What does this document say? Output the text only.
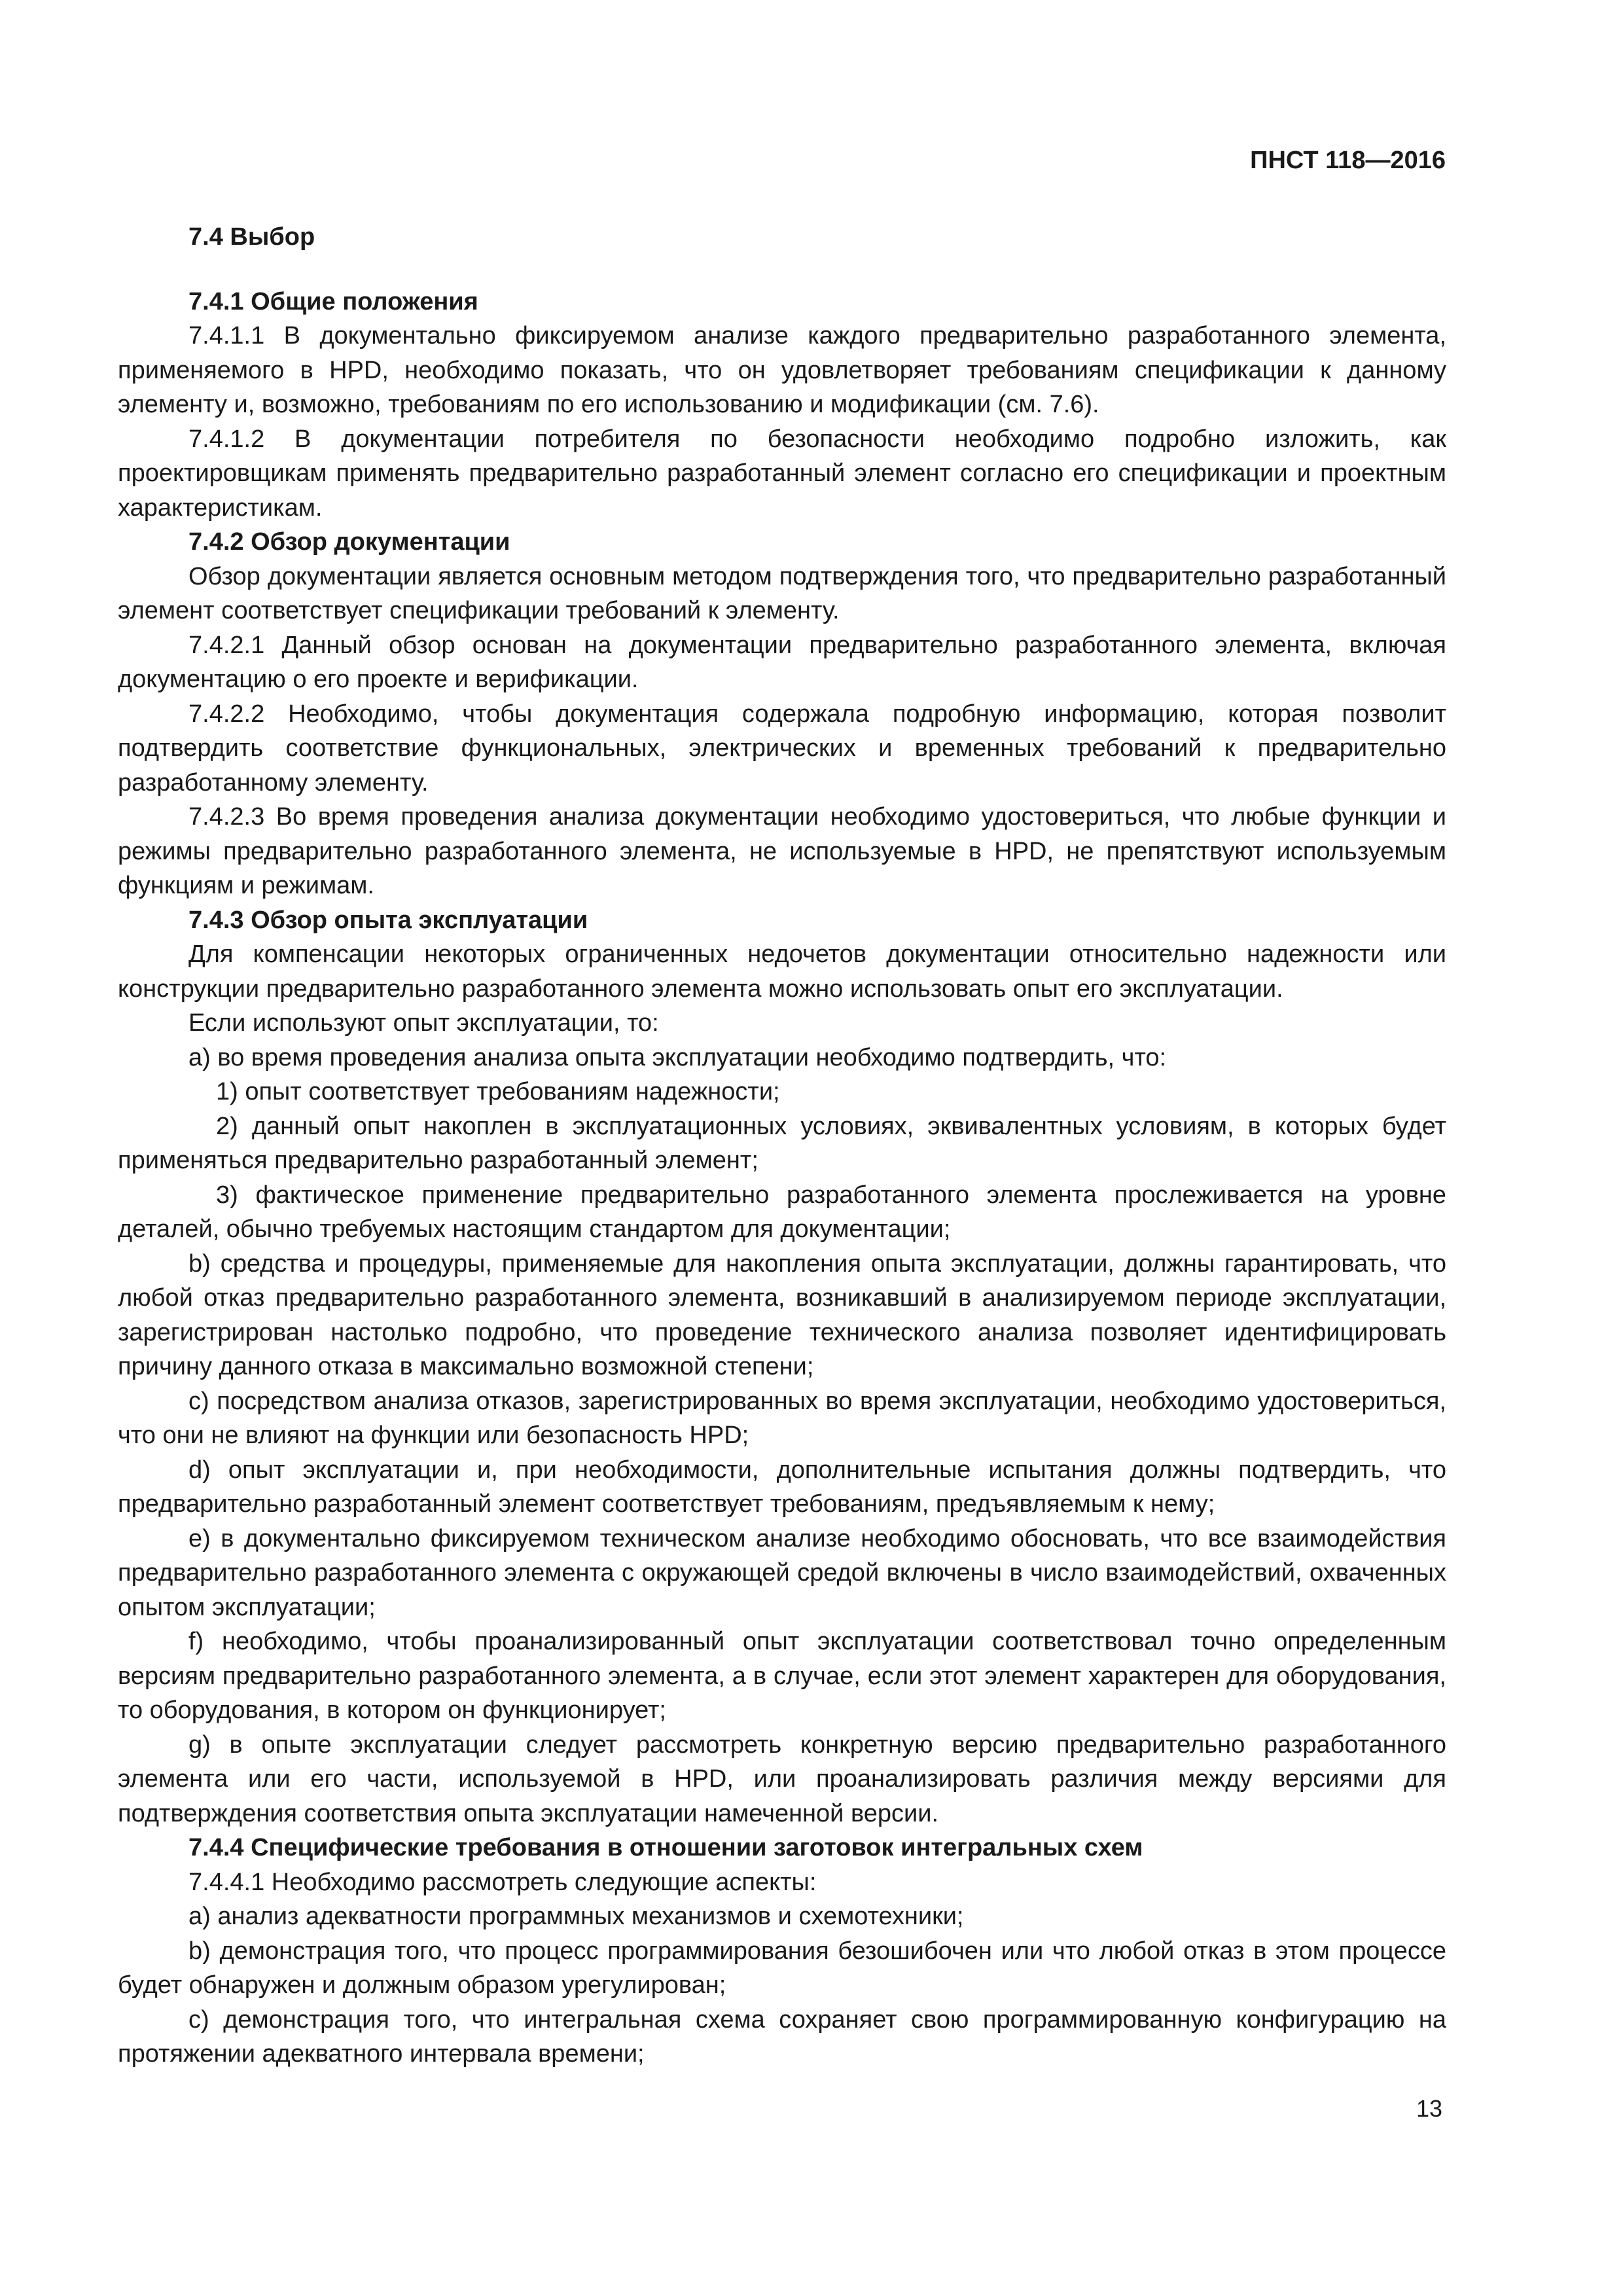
ПНСТ 118—2016

7.4 Выбор

7.4.1 Общие положения

7.4.1.1 В документально фиксируемом анализе каждого предварительно разработанного элемента, применяемого в HPD, необходимо показать, что он удовлетворяет требованиям спецификации к данному элементу и, возможно, требованиям по его использованию и модификации (см. 7.6).

7.4.1.2 В документации потребителя по безопасности необходимо подробно изложить, как проектировщикам применять предварительно разработанный элемент согласно его спецификации и проектным характеристикам.

7.4.2 Обзор документации

Обзор документации является основным методом подтверждения того, что предварительно разработанный элемент соответствует спецификации требований к элементу.

7.4.2.1 Данный обзор основан на документации предварительно разработанного элемента, включая документацию о его проекте и верификации.

7.4.2.2 Необходимо, чтобы документация содержала подробную информацию, которая позволит подтвердить соответствие функциональных, электрических и временных требований к предварительно разработанному элементу.

7.4.2.3 Во время проведения анализа документации необходимо удостовериться, что любые функции и режимы предварительно разработанного элемента, не используемые в HPD, не препятствуют используемым функциям и режимам.

7.4.3 Обзор опыта эксплуатации

Для компенсации некоторых ограниченных недочетов документации относительно надежности или конструкции предварительно разработанного элемента можно использовать опыт его эксплуатации.

Если используют опыт эксплуатации, то:

а) во время проведения анализа опыта эксплуатации необходимо подтвердить, что:

1) опыт соответствует требованиям надежности;

2) данный опыт накоплен в эксплуатационных условиях, эквивалентных условиям, в которых будет применяться предварительно разработанный элемент;

3) фактическое применение предварительно разработанного элемента прослеживается на уровне деталей, обычно требуемых настоящим стандартом для документации;

b) средства и процедуры, применяемые для накопления опыта эксплуатации, должны гарантировать, что любой отказ предварительно разработанного элемента, возникавший в анализируемом периоде эксплуатации, зарегистрирован настолько подробно, что проведение технического анализа позволяет идентифицировать причину данного отказа в максимально возможной степени;

с) посредством анализа отказов, зарегистрированных во время эксплуатации, необходимо удостовериться, что они не влияют на функции или безопасность HPD;

d) опыт эксплуатации и, при необходимости, дополнительные испытания должны подтвердить, что предварительно разработанный элемент соответствует требованиям, предъявляемым к нему;

е) в документально фиксируемом техническом анализе необходимо обосновать, что все взаимодействия предварительно разработанного элемента с окружающей средой включены в число взаимодействий, охваченных опытом эксплуатации;

f) необходимо, чтобы проанализированный опыт эксплуатации соответствовал точно определенным версиям предварительно разработанного элемента, а в случае, если этот элемент характерен для оборудования, то оборудования, в котором он функционирует;

g) в опыте эксплуатации следует рассмотреть конкретную версию предварительно разработанного элемента или его части, используемой в HPD, или проанализировать различия между версиями для подтверждения соответствия опыта эксплуатации намеченной версии.

7.4.4 Специфические требования в отношении заготовок интегральных схем

7.4.4.1 Необходимо рассмотреть следующие аспекты:

а) анализ адекватности программных механизмов и схемотехники;

b) демонстрация того, что процесс программирования безошибочен или что любой отказ в этом процессе будет обнаружен и должным образом урегулирован;

с) демонстрация того, что интегральная схема сохраняет свою программированную конфигурацию на протяжении адекватного интервала времени;

13
